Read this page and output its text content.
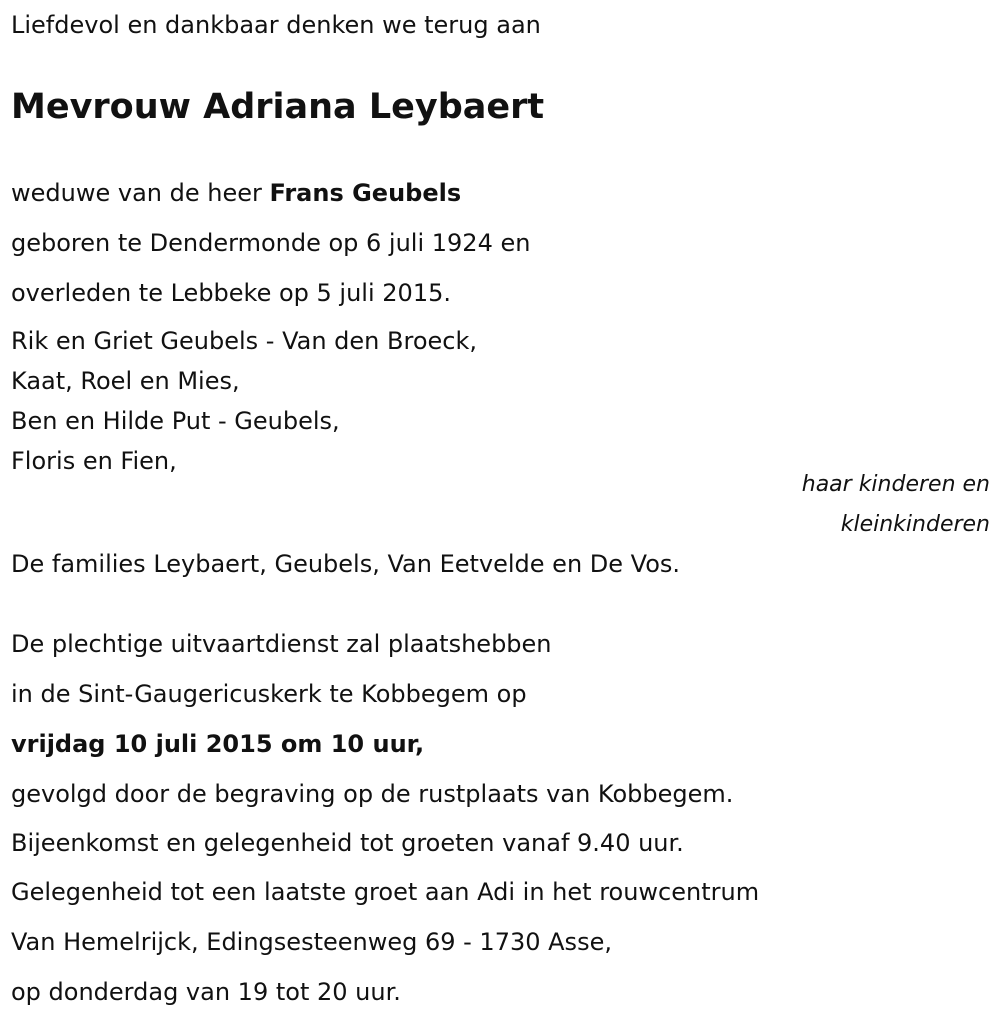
Liefdevol en dankbaar denken we terug aan
Mevrouw Adriana Leybaert
weduwe van de heer Frans Geubels
geboren te Dendermonde op 6 juli 1924 en
overleden te Lebbeke op 5 juli 2015.
Rik en Griet Geubels - Van den Broeck,
Kaat, Roel en Mies,
Ben en Hilde Put - Geubels,
Floris en Fien,
haar kinderen en
kleinkinderen
De families Leybaert, Geubels, Van Eetvelde en De Vos.
De plechtige uitvaartdienst zal plaatshebben
in de Sint-Gaugericuskerk te Kobbegem op
vrijdag 10 juli 2015 om 10 uur,
gevolgd door de begraving op de rustplaats van Kobbegem.
Bijeenkomst en gelegenheid tot groeten vanaf 9.40 uur.
Gelegenheid tot een laatste groet aan Adi in het rouwcentrum
Van Hemelrijck, Edingsesteenweg 69 - 1730 Asse,
op donderdag van 19 tot 20 uur.
